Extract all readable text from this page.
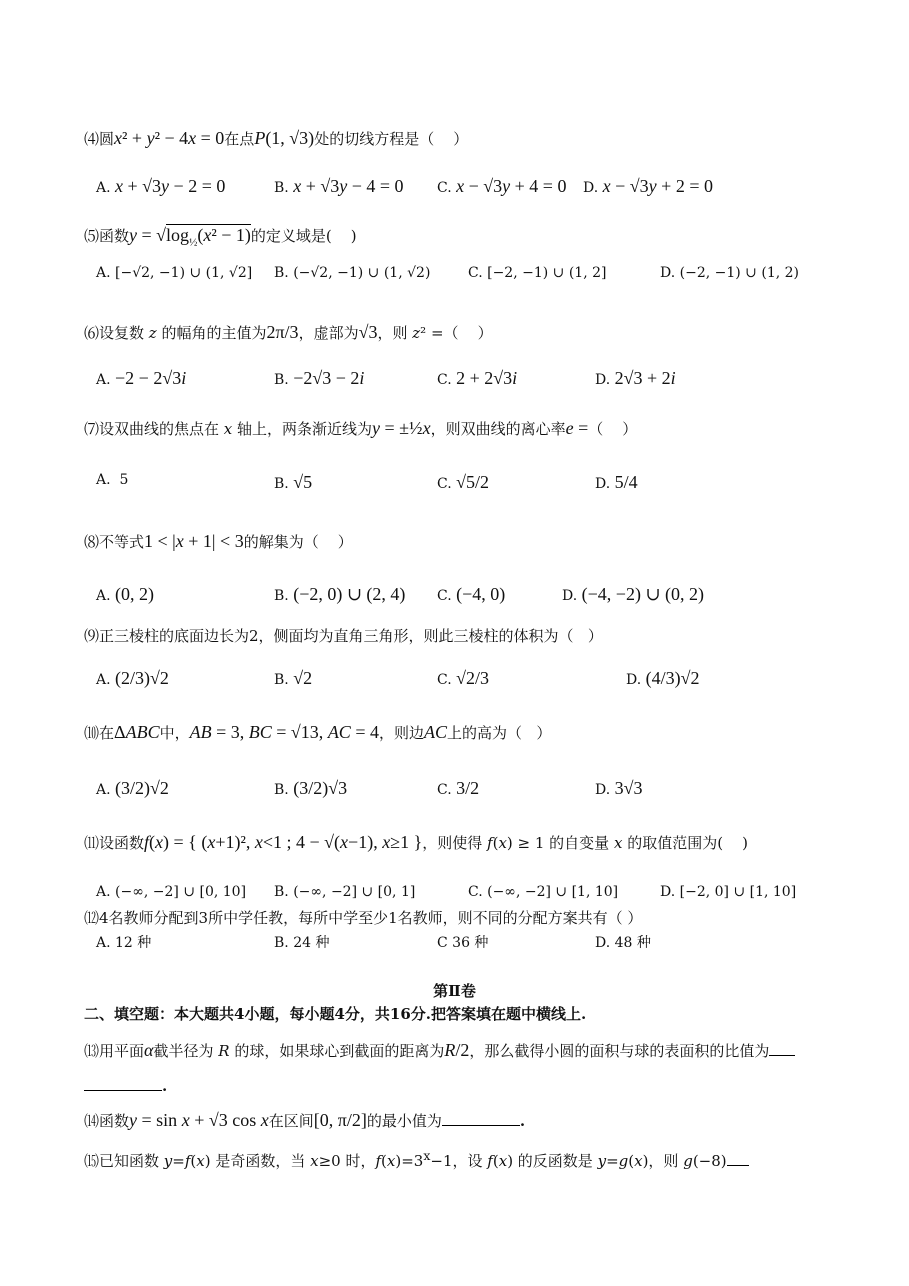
⑷圆x² + y² − 4x = 0在点P(1, √3)处的切线方程是（    ）
A. x + √3y − 2 = 0	B. x + √3y − 4 = 0 C. x − √3y + 4 = 0 D. x − √3y + 2 = 0
⑸函数$y = √\log_{\frac{1}{2}}(x^2 - 1)$的定义域是(    )
A. [−√2, −1) ∪ (1, √2] B. (−√2, −1) ∪ (1, √2)	C. [−2, −1) ∪ (1, 2]	D. (−2, −1) ∪ (1, 2)
⑹设复数 z 的幅角的主值为2π/3，虚部为√3，则 z² =（    ）
A. −2 − 2√3i	B. −2√3 − 2i	C. 2 + 2√3i	D. 2√3 + 2i
⑺设双曲线的焦点在 x 轴上，两条渐近线为y = ±½x，则双曲线的离心率e =（    ）
A.  5	B. √5	C. √5/2	D. 5/4
⑻不等式1 < |x + 1| < 3的解集为（    ）
A. (0, 2)	B. (−2, 0) ∪ (2, 4) C. (−4, 0)	D. (−4, −2) ∪ (0, 2)
⑼正三棱柱的底面边长为2，侧面均为直角三角形，则此三棱柱的体积为（   ）
A. (2/3)√2	B. √2	C. √2/3	D. (4/3)√2
⑽在ΔABC中，AB = 3, BC = √13, AC = 4，则边AC上的高为（   ）
A. (3/2)√2	B. (3/2)√3	C. 3/2	D. 3√3
⑾设函数f(x) = { (x+1)², x<1 ; 4 − √(x−1), x≥1 }，则使得 f(x) ≥ 1 的自变量 x 的取值范围为(    )
A. (−∞, −2] ∪ [0, 10] B. (−∞, −2] ∪ [0, 1]	C. (−∞, −2] ∪ [1, 10]	D. [−2, 0] ∪ [1, 10]
⑿4名教师分配到3所中学任教，每所中学至少1名教师，则不同的分配方案共有（ ）
A. 12 种	B. 24 种	C 36 种	D. 48 种
第Ⅱ卷
二、填空题：本大题共4小题，每小题4分，共16分.把答案填在题中横线上.
⒀用平面α截半径为 R 的球，如果球心到截面的距离为R/2，那么截得小圆的面积与球的表面积的比值为
.
⒁函数y = sin x + √3 cos x在区间[0, π/2]的最小值为	.
⒂已知函数 y=f(x) 是奇函数，当 x≥0 时，$f(x)=3^x-1$，设 f(x) 的反函数是 y=g(x)，则 g(−8)
